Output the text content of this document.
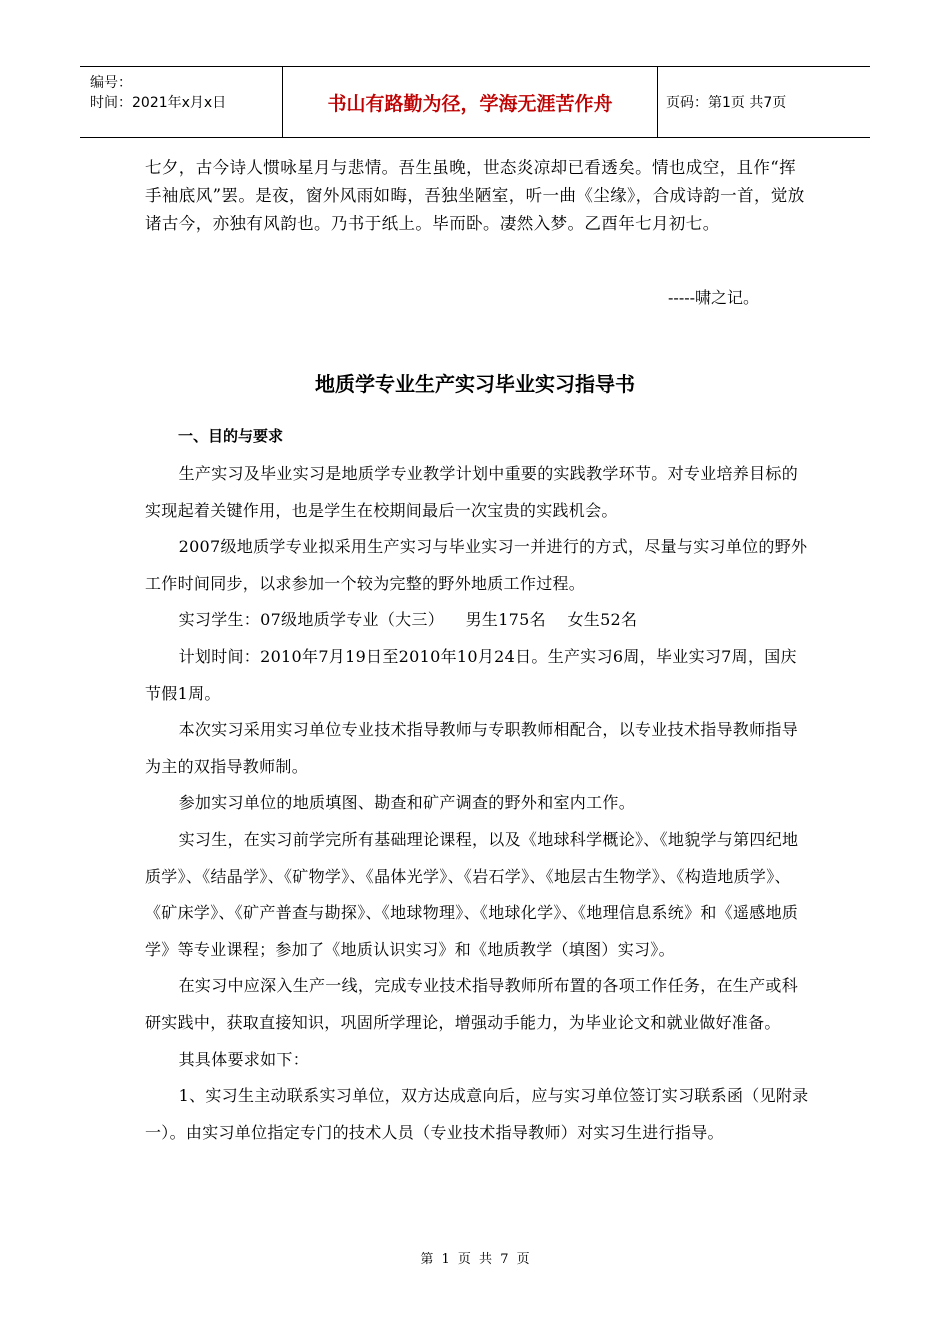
编号：
时间：2021年x月x日	书山有路勤为径，学海无涯苦作舟	页码：第1页 共7页
七夕，古今诗人惯咏星月与悲情。吾生虽晚，世态炎凉却已看透矣。情也成空，且作“挥手袖底风”罢。是夜，窗外风雨如晦，吾独坐陋室，听一曲《尘缘》，合成诗韵一首，觉放诸古今，亦独有风韵也。乃书于纸上。毕而卧。凄然入梦。乙酉年七月初七。
-----啸之记。
地质学专业生产实习毕业实习指导书
一、目的与要求

生产实习及毕业实习是地质学专业教学计划中重要的实践教学环节。对专业培养目标的实现起着关键作用，也是学生在校期间最后一次宝贵的实践机会。

2007级地质学专业拟采用生产实习与毕业实习一并进行的方式，尽量与实习单位的野外工作时间同步，以求参加一个较为完整的野外地质工作过程。

实习学生：07级地质学专业（大三）    男生175名    女生52名

计划时间：2010年7月19日至2010年10月24日。生产实习6周，毕业实习7周，国庆节假1周。

本次实习采用实习单位专业技术指导教师与专职教师相配合，以专业技术指导教师指导为主的双指导教师制。

参加实习单位的地质填图、勘查和矿产调查的野外和室内工作。

实习生，在实习前学完所有基础理论课程，以及《地球科学概论》、《地貌学与第四纪地质学》、《结晶学》、《矿物学》、《晶体光学》、《岩石学》、《地层古生物学》、《构造地质学》、《矿床学》、《矿产普查与勘探》、《地球物理》、《地球化学》、《地理信息系统》和《遥感地质学》等专业课程；参加了《地质认识实习》和《地质教学（填图）实习》。

在实习中应深入生产一线，完成专业技术指导教师所布置的各项工作任务，在生产或科研实践中，获取直接知识，巩固所学理论，增强动手能力，为毕业论文和就业做好准备。

其具体要求如下：

1、实习生主动联系实习单位，双方达成意向后，应与实习单位签订实习联系函（见附录一）。由实习单位指定专门的技术人员（专业技术指导教师）对实习生进行指导。

第 1 页 共 7 页
